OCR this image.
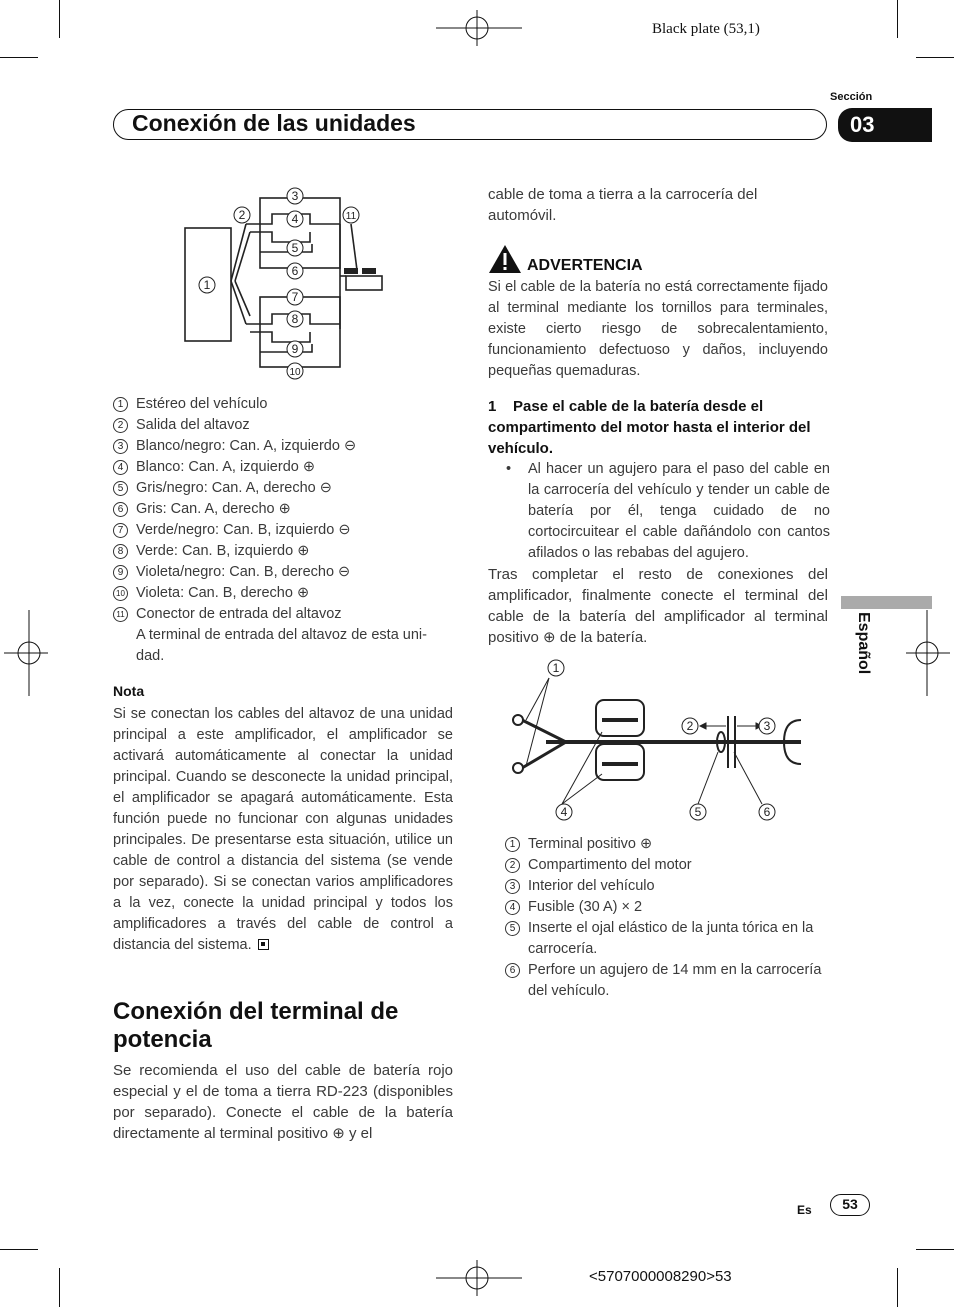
Black plate (53,1)
Sección
Conexión de las unidades	03
1
2
3
4
5
6
7
8
9
10
11
1 Estéreo del vehículo
2 Salida del altavoz
3 Blanco/negro: Can. A, izquierdo ⊖
4 Blanco: Can. A, izquierdo ⊕
5 Gris/negro: Can. A, derecho ⊖
6 Gris: Can. A, derecho ⊕
7 Verde/negro: Can. B, izquierdo ⊖
8 Verde: Can. B, izquierdo ⊕
9 Violeta/negro: Can. B, derecho ⊖
10 Violeta: Can. B, derecho ⊕
11 Conector de entrada del altavoz
A terminal de entrada del altavoz de esta uni-dad.
Nota
Si se conectan los cables del altavoz de una unidad principal a este amplificador, el amplificador se activará automáticamente al conectar la unidad principal. Cuando se desconecte la unidad principal, el amplificador se apagará automáticamente. Esta función puede no funcionar con algunas unidades principales. De presentarse esta situación, utilice un cable de control a distancia del sistema (se vende por separado). Si se conectan varios amplificadores a la vez, conecte la unidad principal y todos los amplificadores a través del cable de control a distancia del sistema.
Conexión del terminal de potencia
Se recomienda el uso del cable de batería rojo especial y el de toma a tierra RD-223 (disponibles por separado). Conecte el cable de la batería directamente al terminal positivo ⊕ y el
cable de toma a tierra a la carrocería del automóvil.
ADVERTENCIA
Si el cable de la batería no está correctamente fijado al terminal mediante los tornillos para terminales, existe cierto riesgo de sobrecalentamiento, funcionamiento defectuoso y daños, incluyendo pequeñas quemaduras.
1 Pase el cable de la batería desde el compartimento del motor hasta el interior del vehículo.
• Al hacer un agujero para el paso del cable en la carrocería del vehículo y tender un cable de batería por él, tenga cuidado de no cortocircuitear el cable dañándolo con cantos afilados o las rebabas del agujero.
Tras completar el resto de conexiones del amplificador, finalmente conecte el terminal del cable de la batería del amplificador al terminal positivo ⊕ de la batería.
1
2	3
4	5	6
1 Terminal positivo ⊕
2 Compartimento del motor
3 Interior del vehículo
4 Fusible (30 A) × 2
5 Inserte el ojal elástico de la junta tórica en la carrocería.
6 Perfore un agujero de 14 mm en la carrocería del vehículo.
Español
Es	53
<5707000008290>53
